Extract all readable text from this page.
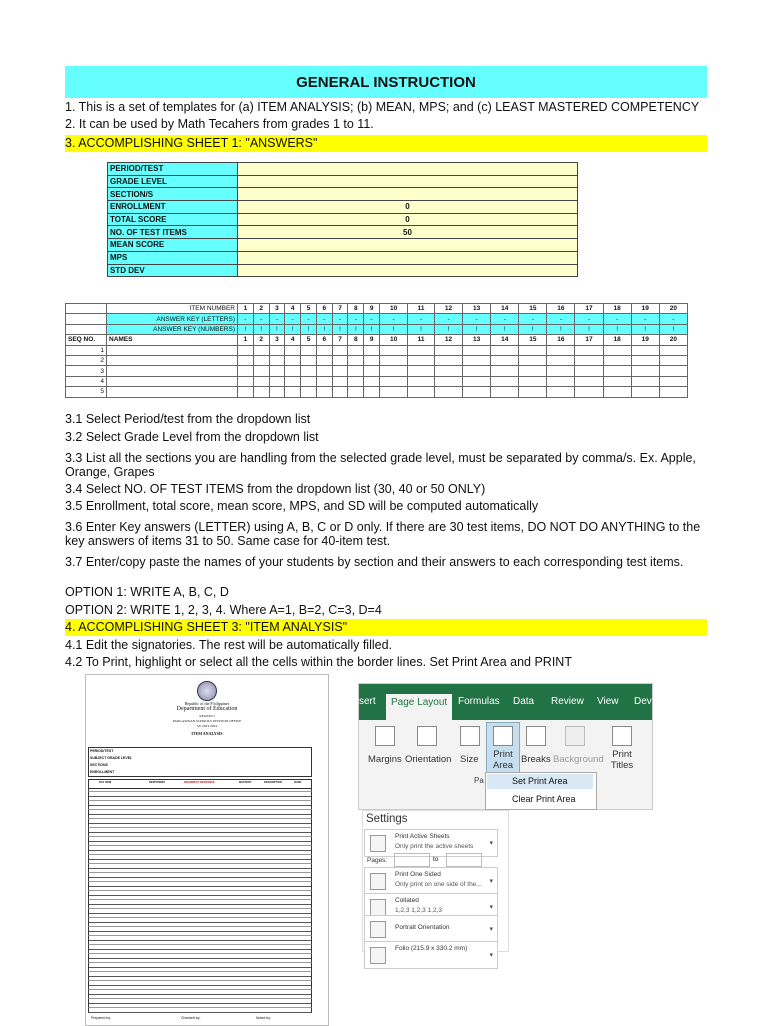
GENERAL INSTRUCTION
1. This is a set of templates for (a) ITEM ANALYSIS; (b) MEAN, MPS; and (c) LEAST MASTERED COMPETENCY
2. It can be used by Math Tecahers from grades 1 to 11.
3. ACCOMPLISHING SHEET 1: "ANSWERS"
PERIOD/TEST	
GRADE LEVEL	
SECTION/S	
ENROLLMENT	0
TOTAL SCORE	0
NO. OF TEST ITEMS	50
MEAN SCORE	
MPS	
STD DEV	
	ITEM NUMBER	1	2	3	4	5	6	7	8	9	10	11	12	13	14	15	16	17	18	19	20
	ANSWER KEY (LETTERS)	-	-	-	-	-	-	-	-	-	-	-	-	-	-	-	-	-	-	-	-
	ANSWER KEY (NUMBERS)	!	!	!	!	!	!	!	!	!	!	!	!	!	!	!	!	!	!	!	!
SEQ NO.	NAMES	1	2	3	4	5	6	7	8	9	10	11	12	13	14	15	16	17	18	19	20
1																					
2																					
3																					
4																					
5																					
3.1 Select Period/test from the dropdown list
3.2 Select Grade Level from the dropdown list
3.3 List all the sections you are handling from the selected grade level, must be separated by comma/s. Ex. Apple, Orange, Grapes
3.4 Select NO. OF TEST ITEMS from the dropdown list (30, 40 or 50 ONLY)
3.5 Enrollment, total score, mean score, MPS, and SD will be computed automatically
3.6 Enter Key answers (LETTER) using A, B, C or D only. If there are 30 test items, DO NOT DO ANYTHING to the key answers of items 31 to 50. Same case for 40-item test.
3.7 Enter/copy paste the names of your students by section and their answers to each corresponding test items.
OPTION 1: WRITE A, B, C, D
OPTION 2: WRITE 1, 2, 3, 4. Where A=1, B=2, C=3, D=4
4. ACCOMPLISHING SHEET 3: "ITEM ANALYSIS"
4.1 Edit the signatories. The rest will be automatically filled.
4.2 To Print, highlight or select all the cells within the border lines. Set Print Area and PRINT
Republic of the P hilippines
Department of Education
REGION I
PANGASINAN SCHOOLS DIVISION OFFICE
SY 2023-2024
ITEM ANALYSIS
PERIOD/TEST
SUBJECT GRADE LEVEL
SECTIONS
ENROLLMENT
DAY ITEM	RESPONSES	INCORRECT RESPONSE	MASTERY	DESCRIPTION	RANK
Prepared by:	Checked by:	Noted by:
sert	Page Layout	Formulas Data Review View Dev
Margins Orientation Size	Print Area
Breaks Background Print Titles
Pa	Set Print Area
Clear Print Area
Settings
Print Active Sheets
Only print the active sheets ▾
Pages:	to
Print One Sided
Only print on one side of the... ▾
Collated
1,2,3 1,2,3 1,2,3	▾
Portrait Orientation	▾
Folio (215.9 x 330.2 mm)
▾
